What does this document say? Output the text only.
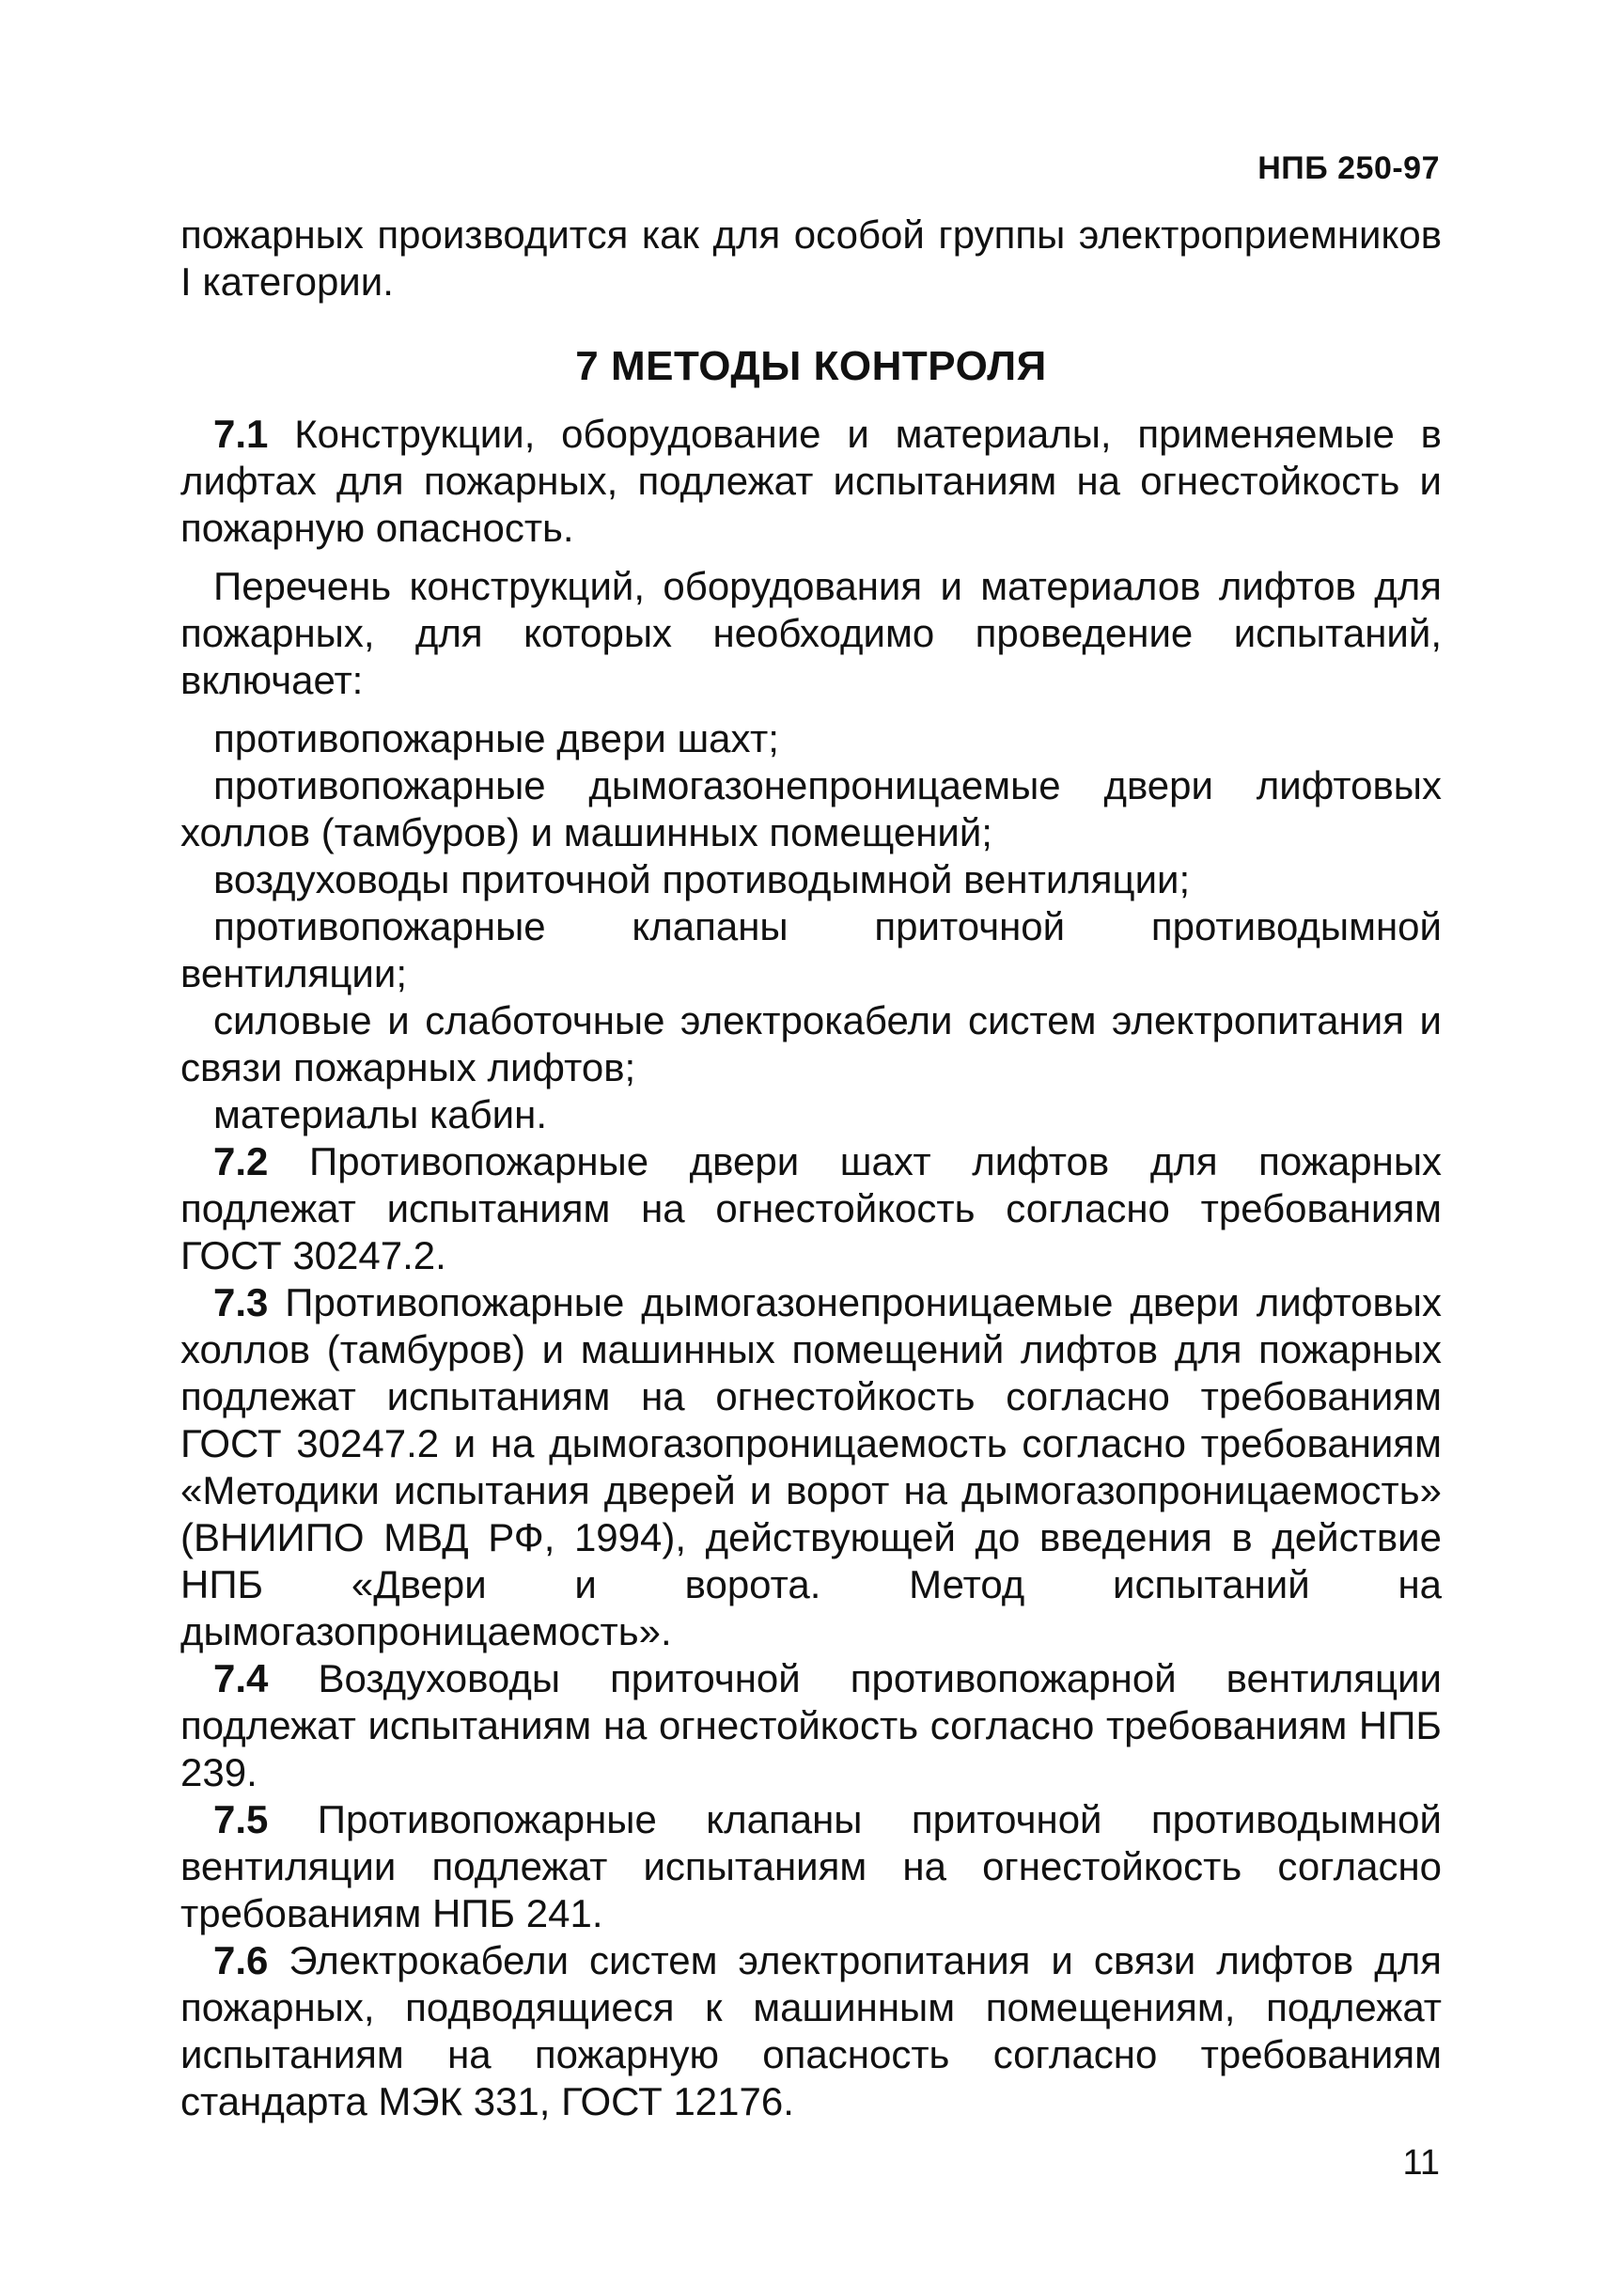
НПБ 250-97

пожарных производится как для особой группы электроприемников I категории.

7 МЕТОДЫ КОНТРОЛЯ

7.1 Конструкции, оборудование и материалы, применяемые в лифтах для пожарных, подлежат испытаниям на огнестойкость и пожарную опасность.

Перечень конструкций, оборудования и материалов лифтов для пожарных, для которых необходимо проведение испытаний, включает:

противопожарные двери шахт;

противопожарные дымогазонепроницаемые двери лифтовых холлов (тамбуров) и машинных помещений;

воздуховоды приточной противодымной вентиляции;

противопожарные клапаны приточной противодымной вентиляции;

силовые и слаботочные электрокабели систем электропитания и связи пожарных лифтов;

материалы кабин.

7.2 Противопожарные двери шахт лифтов для пожарных подлежат испытаниям на огнестойкость согласно требованиям ГОСТ 30247.2.

7.3 Противопожарные дымогазонепроницаемые двери лифтовых холлов (тамбуров) и машинных помещений лифтов для пожарных подлежат испытаниям на огнестойкость согласно требованиям ГОСТ 30247.2 и на дымогазопроницаемость согласно требованиям «Методики испытания дверей и ворот на дымогазопроницаемость» (ВНИИПО МВД РФ, 1994), действующей до введения в действие НПБ «Двери и ворота. Метод испытаний на дымогазопроницаемость».

7.4 Воздуховоды приточной противопожарной вентиляции подлежат испытаниям на огнестойкость согласно требованиям НПБ 239.

7.5 Противопожарные клапаны приточной противодымной вентиляции подлежат испытаниям на огнестойкость согласно требованиям НПБ 241.

7.6 Электрокабели систем электропитания и связи лифтов для пожарных, подводящиеся к машинным помещениям, подлежат испытаниям на пожарную опасность согласно требованиям стандарта МЭК 331, ГОСТ 12176.

11
